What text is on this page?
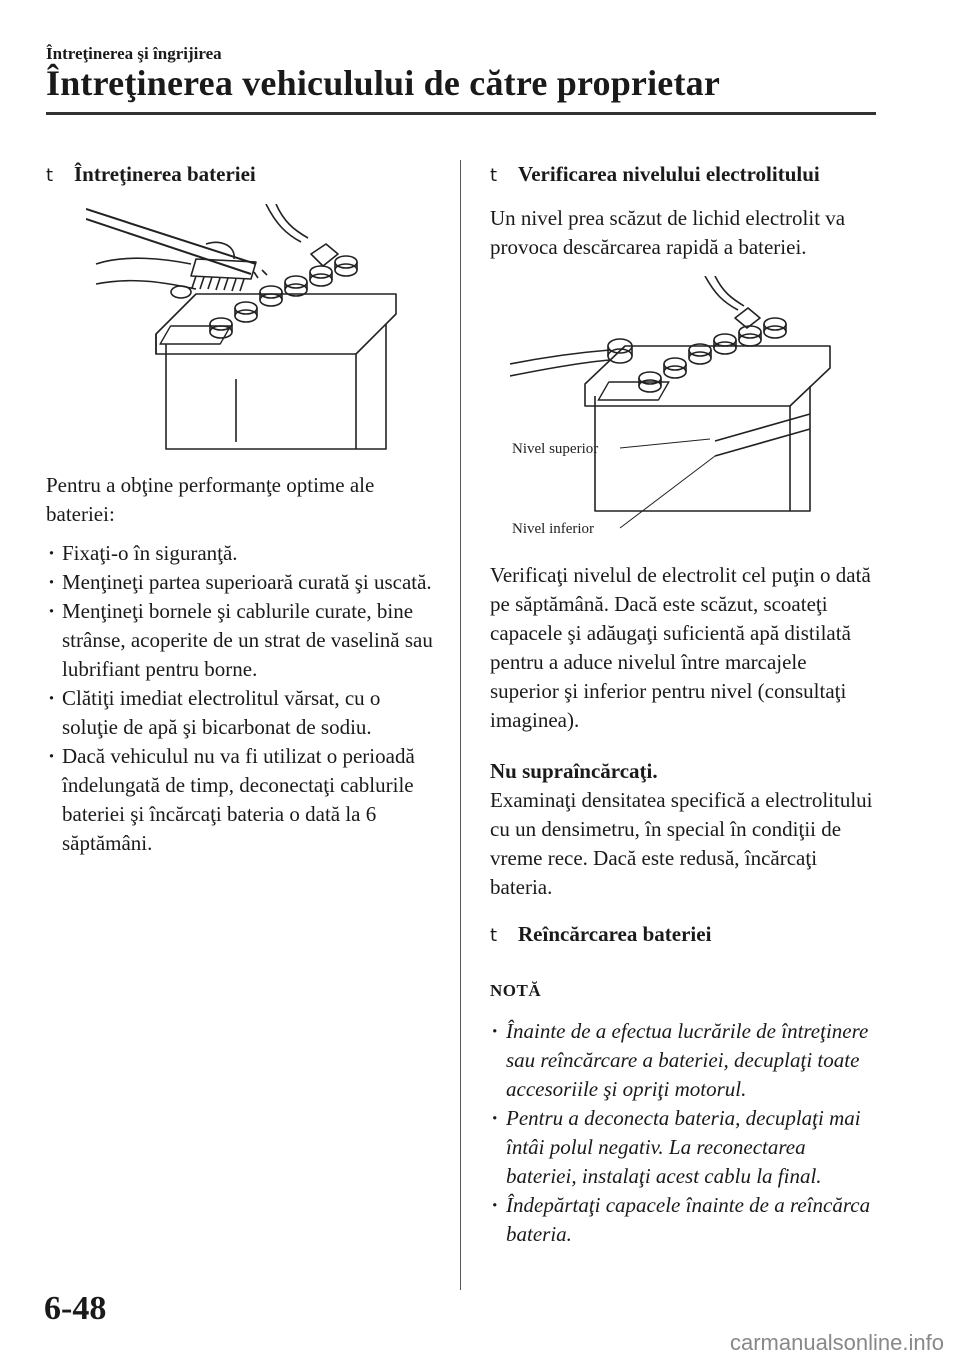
Întreţinerea şi îngrijirea
Întreţinerea vehiculului de către proprietar
t Întreţinerea bateriei

Pentru a obţine performanţe optime ale bateriei:

· Fixaţi-o în siguranţă.
· Menţineţi partea superioară curată şi uscată.
· Menţineţi bornele şi cablurile curate, bine strânse, acoperite de un strat de vaselină sau lubrifiant pentru borne.
· Clătiţi imediat electrolitul vărsat, cu o soluţie de apă şi bicarbonat de sodiu.
· Dacă vehiculul nu va fi utilizat o perioadă îndelungată de timp, deconectaţi cablurile bateriei şi încărcaţi bateria o dată la 6 săptămâni.
t Verificarea nivelului electrolitului

Un nivel prea scăzut de lichid electrolit va provoca descărcarea rapidă a bateriei.

Nivel superior
Nivel inferior

Verificaţi nivelul de electrolit cel puţin o dată pe săptămână. Dacă este scăzut, scoateţi capacele şi adăugaţi suficientă apă distilată pentru a aduce nivelul între marcajele superior şi inferior pentru nivel (consultaţi imaginea).

Nu supraîncărcaţi.

Examinaţi densitatea specifică a electrolitului cu un densimetru, în special în condiţii de vreme rece. Dacă este redusă, încărcaţi bateria.

t Reîncărcarea bateriei
NOTĂ
· Înainte de a efectua lucrările de întreţinere sau reîncărcare a bateriei, decuplaţi toate accesoriile şi opriţi motorul.
· Pentru a deconecta bateria, decuplaţi mai întâi polul negativ. La reconectarea bateriei, instalaţi acest cablu la final.
· Îndepărtaţi capacele înainte de a reîncărca bateria.
6-48
carmanualsonline.info
